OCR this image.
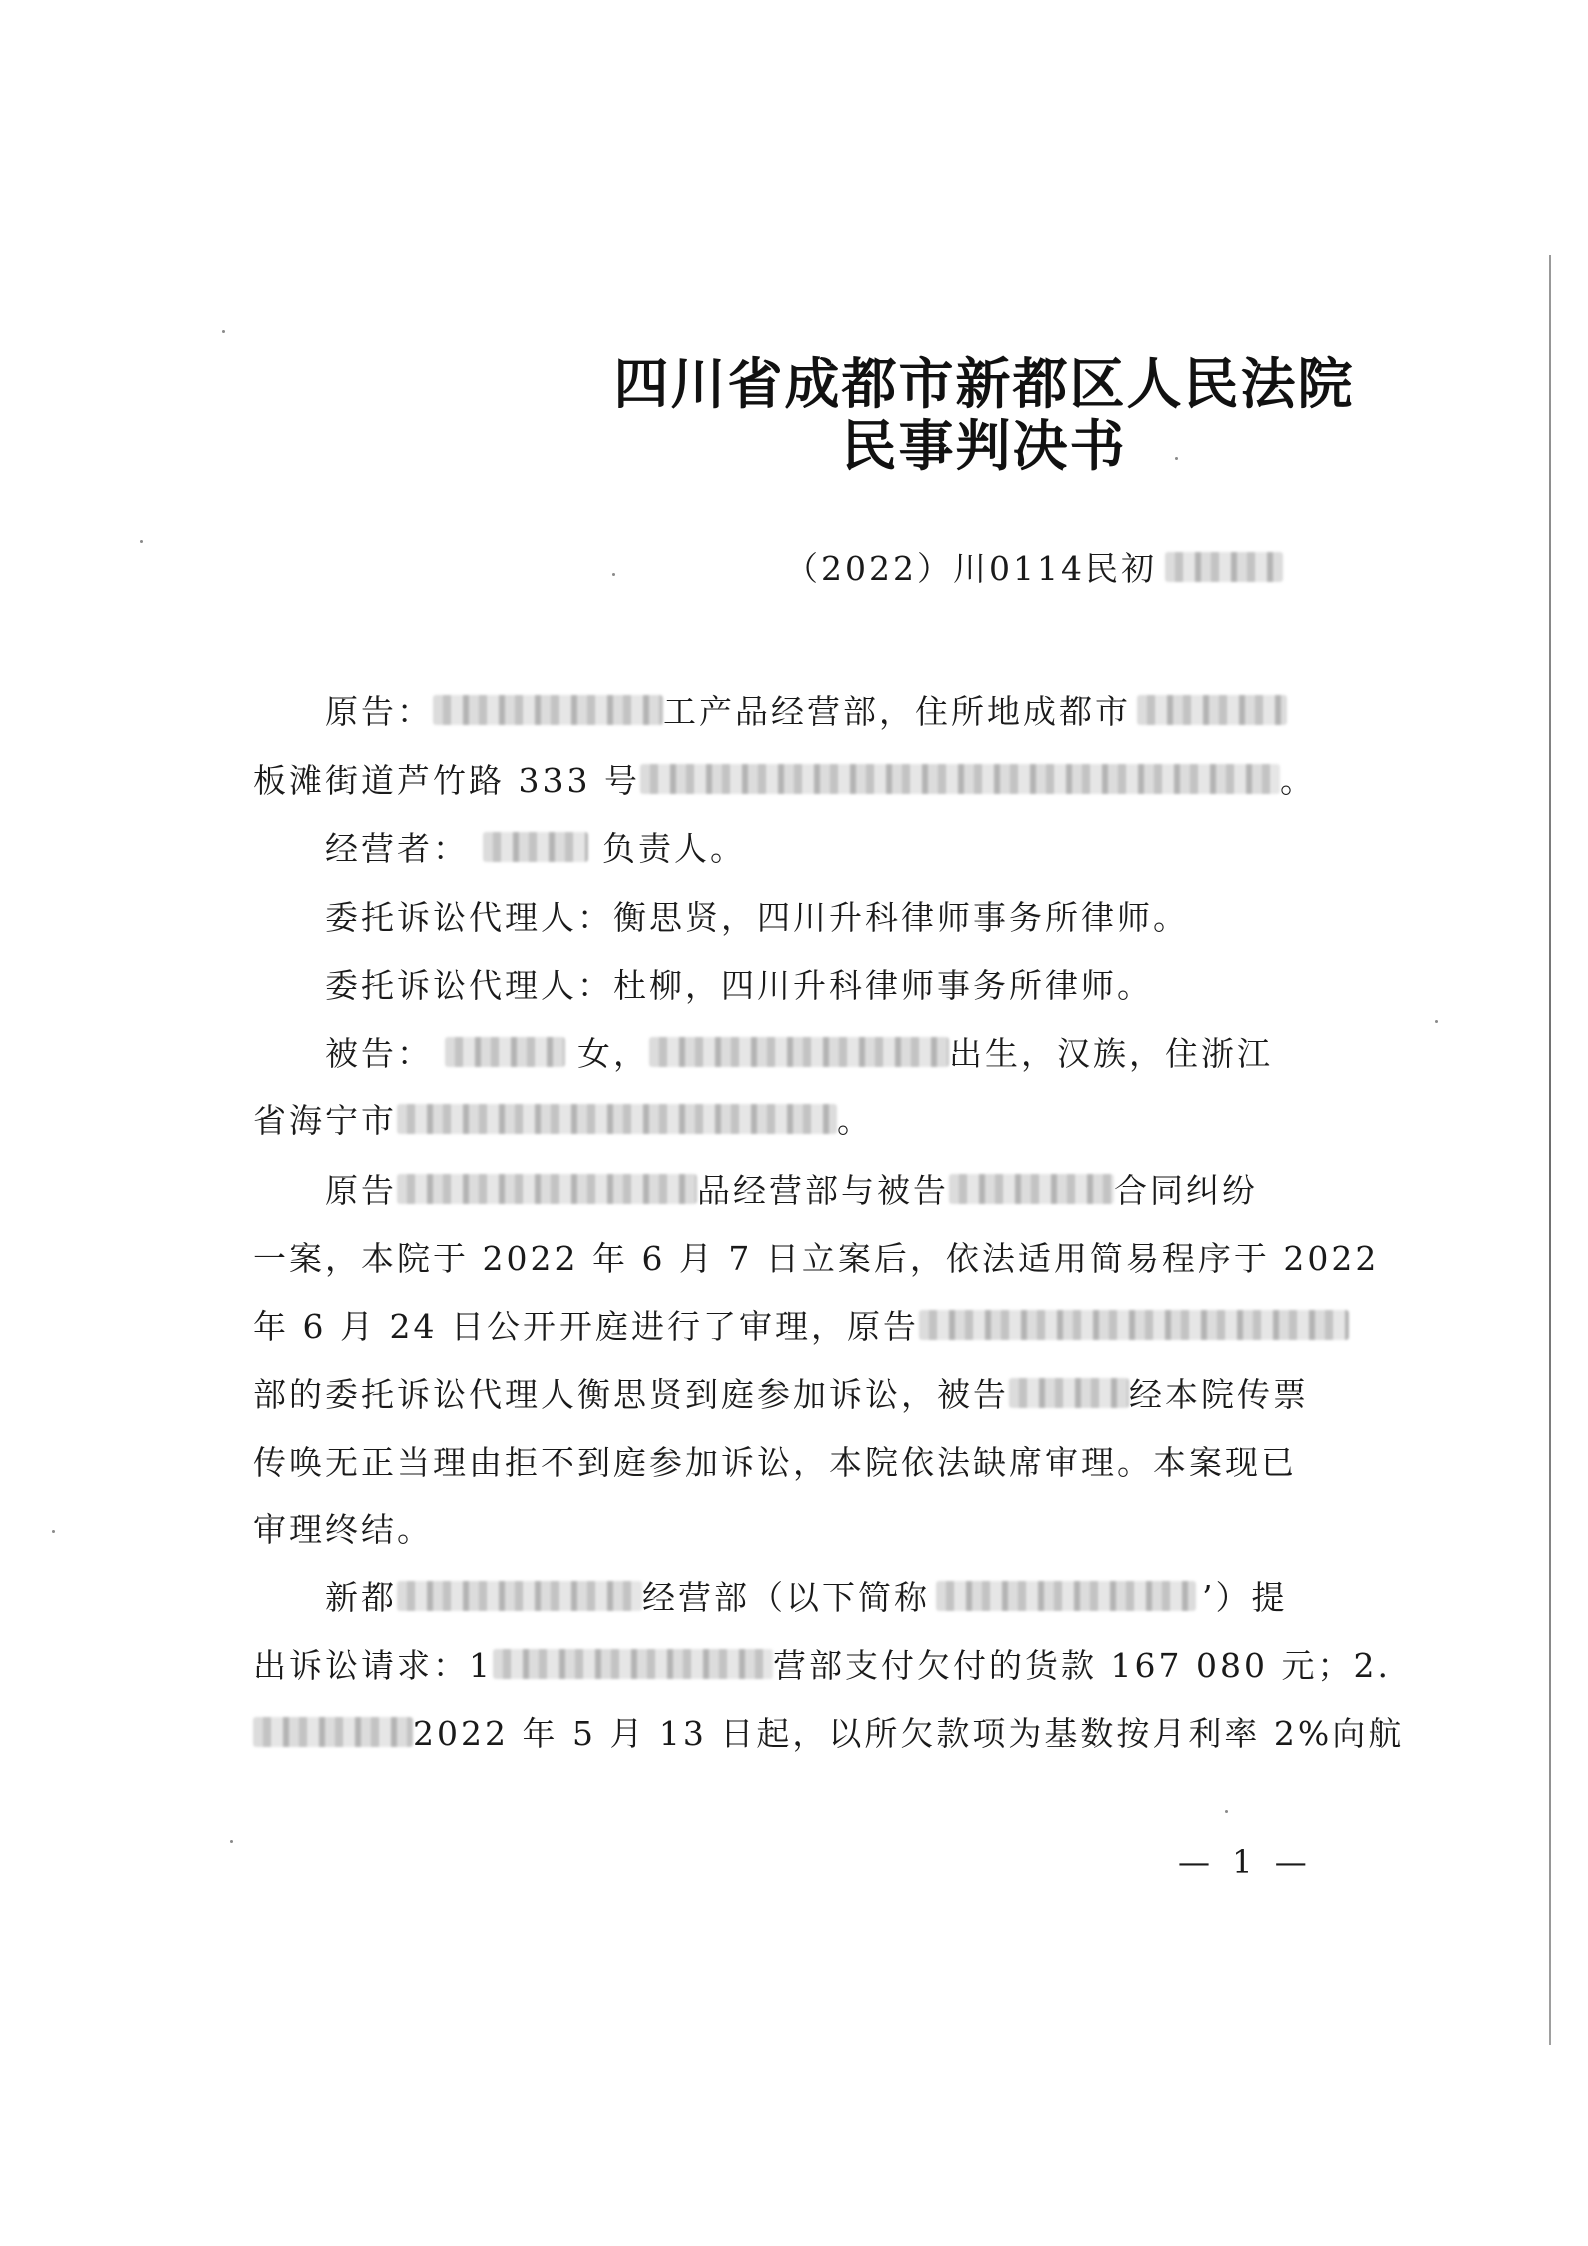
四川省成都市新都区人民法院
民事判决书
（2022）川0114民初
原告：	工产品经营部，住所地成都市
板滩街道芦竹路 333 号	。
经营者：	负责人。
委托诉讼代理人：衡思贤，四川升科律师事务所律师。
委托诉讼代理人：杜柳，四川升科律师事务所律师。
被告：	女，	出生，汉族，住浙江
省海宁市	。
原告	品经营部与被告	合同纠纷
一案，本院于 2022 年 6 月 7 日立案后，依法适用简易程序于 2022
年 6 月 24 日公开开庭进行了审理，原告
部的委托诉讼代理人衡思贤到庭参加诉讼，被告	经本院传票
传唤无正当理由拒不到庭参加诉讼，本院依法缺席审理。本案现已
审理终结。
新都	经营部（以下简称	’）提
出诉讼请求：1	营部支付欠付的货款 167 080 元；2.
2022 年 5 月 13 日起，以所欠款项为基数按月利率 2%向航
— 1 —
